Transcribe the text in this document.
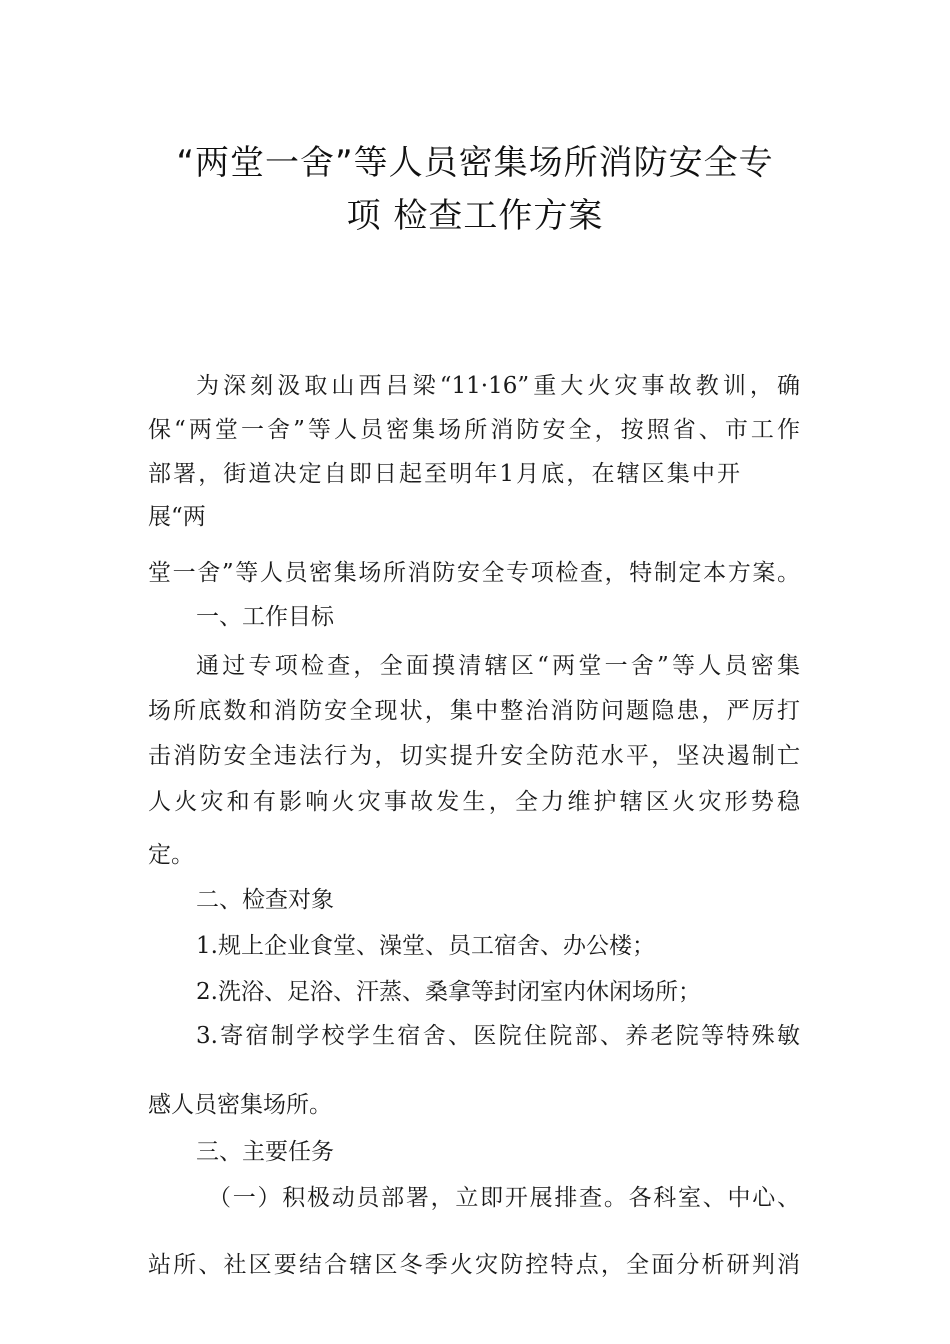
“两堂一舍”等人员密集场所消防安全专
项 检查工作方案
为深刻汲取山西吕梁“11·16”重大火灾事故教训，确
保“两堂一舍”等人员密集场所消防安全，按照省、市工作
部署，街道决定自即日起至明年1月底，在辖区集中开
展“两
堂一舍”等人员密集场所消防安全专项检查，特制定本方案。
一、工作目标
通过专项检查，全面摸清辖区“两堂一舍”等人员密集
场所底数和消防安全现状，集中整治消防问题隐患，严厉打
击消防安全违法行为，切实提升安全防范水平，坚决遏制亡
人火灾和有影响火灾事故发生，全力维护辖区火灾形势稳
定。
二、检查对象
1.规上企业食堂、澡堂、员工宿舍、办公楼；
2.洗浴、足浴、汗蒸、桑拿等封闭室内休闲场所；
3.寄宿制学校学生宿舍、医院住院部、养老院等特殊敏
感人员密集场所。
三、主要任务
（一）积极动员部署，立即开展排查。各科室、中心、
站所、社区要结合辖区冬季火灾防控特点，全面分析研判消
